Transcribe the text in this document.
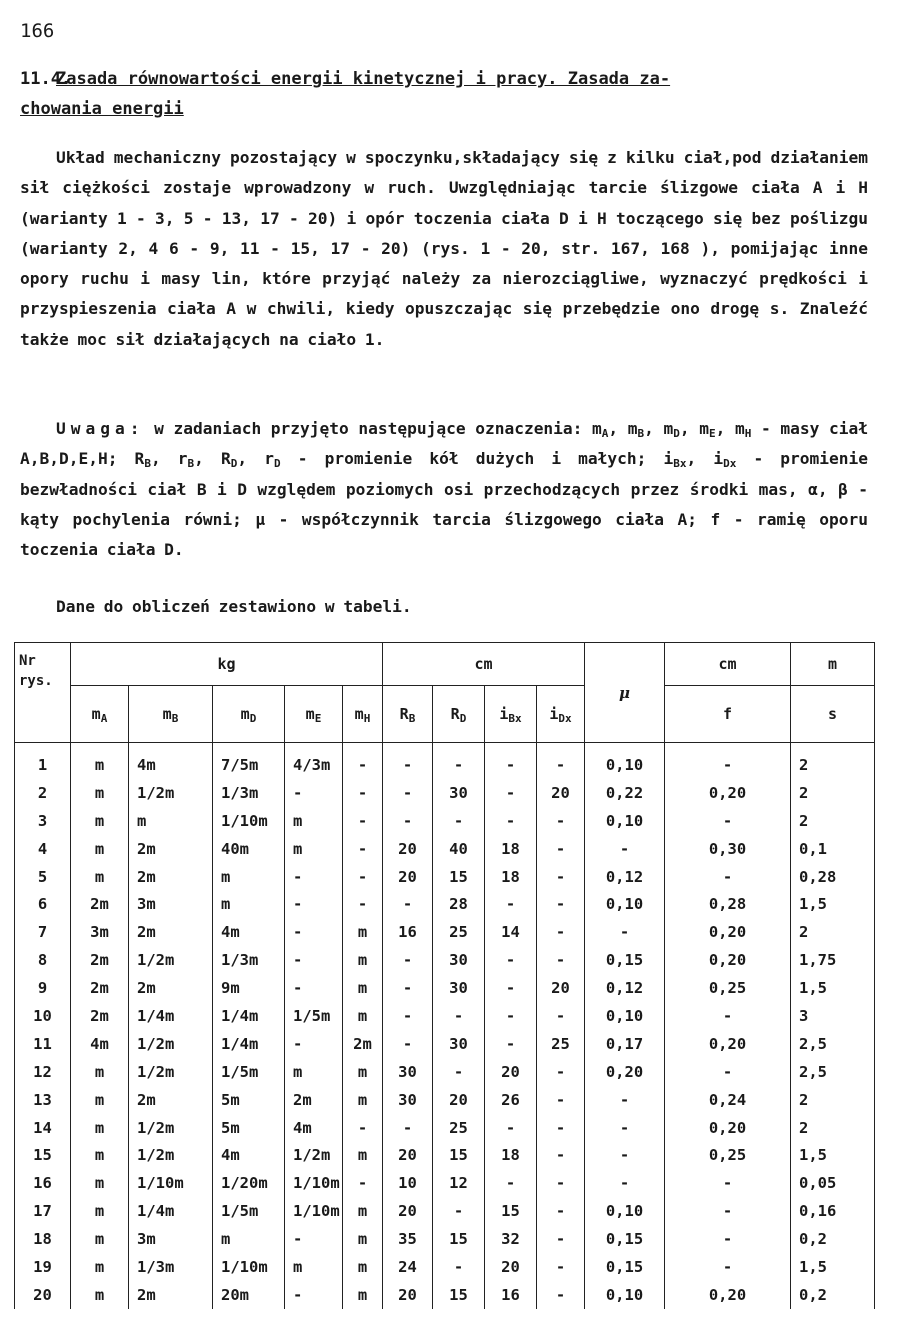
166
11.4.Zasada równowartości energii kinetycznej i pracy. Zasada za-
chowania energii
Układ mechaniczny pozostający w spoczynku,składający się z kilku ciał,pod działaniem sił ciężkości zostaje wprowadzony w ruch. Uwzględniając tarcie ślizgowe ciała A i H (warianty 1 - 3, 5 - 13, 17 - 20) i opór toczenia ciała D i H toczącego się bez poślizgu (warianty 2, 4 6 - 9, 11 - 15, 17 - 20) (rys. 1 - 20, str. 167, 168 ), pomijając inne opory ruchu i masy lin, które przyjąć należy za nierozciągliwe, wyznaczyć prędkości i przyspieszenia ciała A w chwili, kiedy opuszczając się przebędzie ono drogę s. Znaleźć także moc sił działających na ciało 1.
Uwaga: w zadaniach przyjęto następujące oznaczenia: $m_A$, $m_B$, $m_D$, $m_E$, $m_H$ - masy ciał A,B,D,E,H; $R_B$, $r_B$, $R_D$, $r_D$ - promienie kół dużych i małych; $i_{Bx}$, $i_{Dx}$ - promienie bezwładności ciał B i D względem poziomych osi przechodzących przez środki mas, α, β - kąty pochylenia równi; μ - współczynnik tarcia ślizgowego ciała A; f - ramię oporu toczenia ciała D.
Dane do obliczeń zestawiono w tabeli.
Nr rys.	kg					cm				μ	cm	m
	$m_A$	$m_B$	$m_D$	$m_E$	$m_H$	$R_B$	$R_D$	$i_{Bx}$	$i_{Dx}$		f	s
1	m	4m	7/5m	4/3m	-	-	-	-	-	0,10	-	2
2	m	1/2m	1/3m	-	-	-	30	-	20	0,22	0,20	2
3	m	m	1/10m	m	-	-	-	-	-	0,10	-	2
4	m	2m	40m	m	-	20	40	18	-	-	0,30	0,1
5	m	2m	m	-	-	20	15	18	-	0,12	-	0,28
6	2m	3m	m	-	-	-	28	-	-	0,10	0,28	1,5
7	3m	2m	4m	-	m	16	25	14	-	-	0,20	2
8	2m	1/2m	1/3m	-	m	-	30	-	-	0,15	0,20	1,75
9	2m	2m	9m	-	m	-	30	-	20	0,12	0,25	1,5
10	2m	1/4m	1/4m	1/5m	m	-	-	-	-	0,10	-	3
11	4m	1/2m	1/4m	-	2m	-	30	-	25	0,17	0,20	2,5
12	m	1/2m	1/5m	m	m	30	-	20	-	0,20	-	2,5
13	m	2m	5m	2m	m	30	20	26	-	-	0,24	2
14	m	1/2m	5m	4m	-	-	25	-	-	-	0,20	2
15	m	1/2m	4m	1/2m	m	20	15	18	-	-	0,25	1,5
16	m	1/10m	1/20m	1/10m	-	10	12	-	-	-	-	0,05
17	m	1/4m	1/5m	1/10m	m	20	-	15	-	0,10	-	0,16
18	m	3m	m	-	m	35	15	32	-	0,15	-	0,2
19	m	1/3m	1/10m	m	m	24	-	20	-	0,15	-	1,5
20	m	2m	20m	-	m	20	15	16	-	0,10	0,20	0,2
